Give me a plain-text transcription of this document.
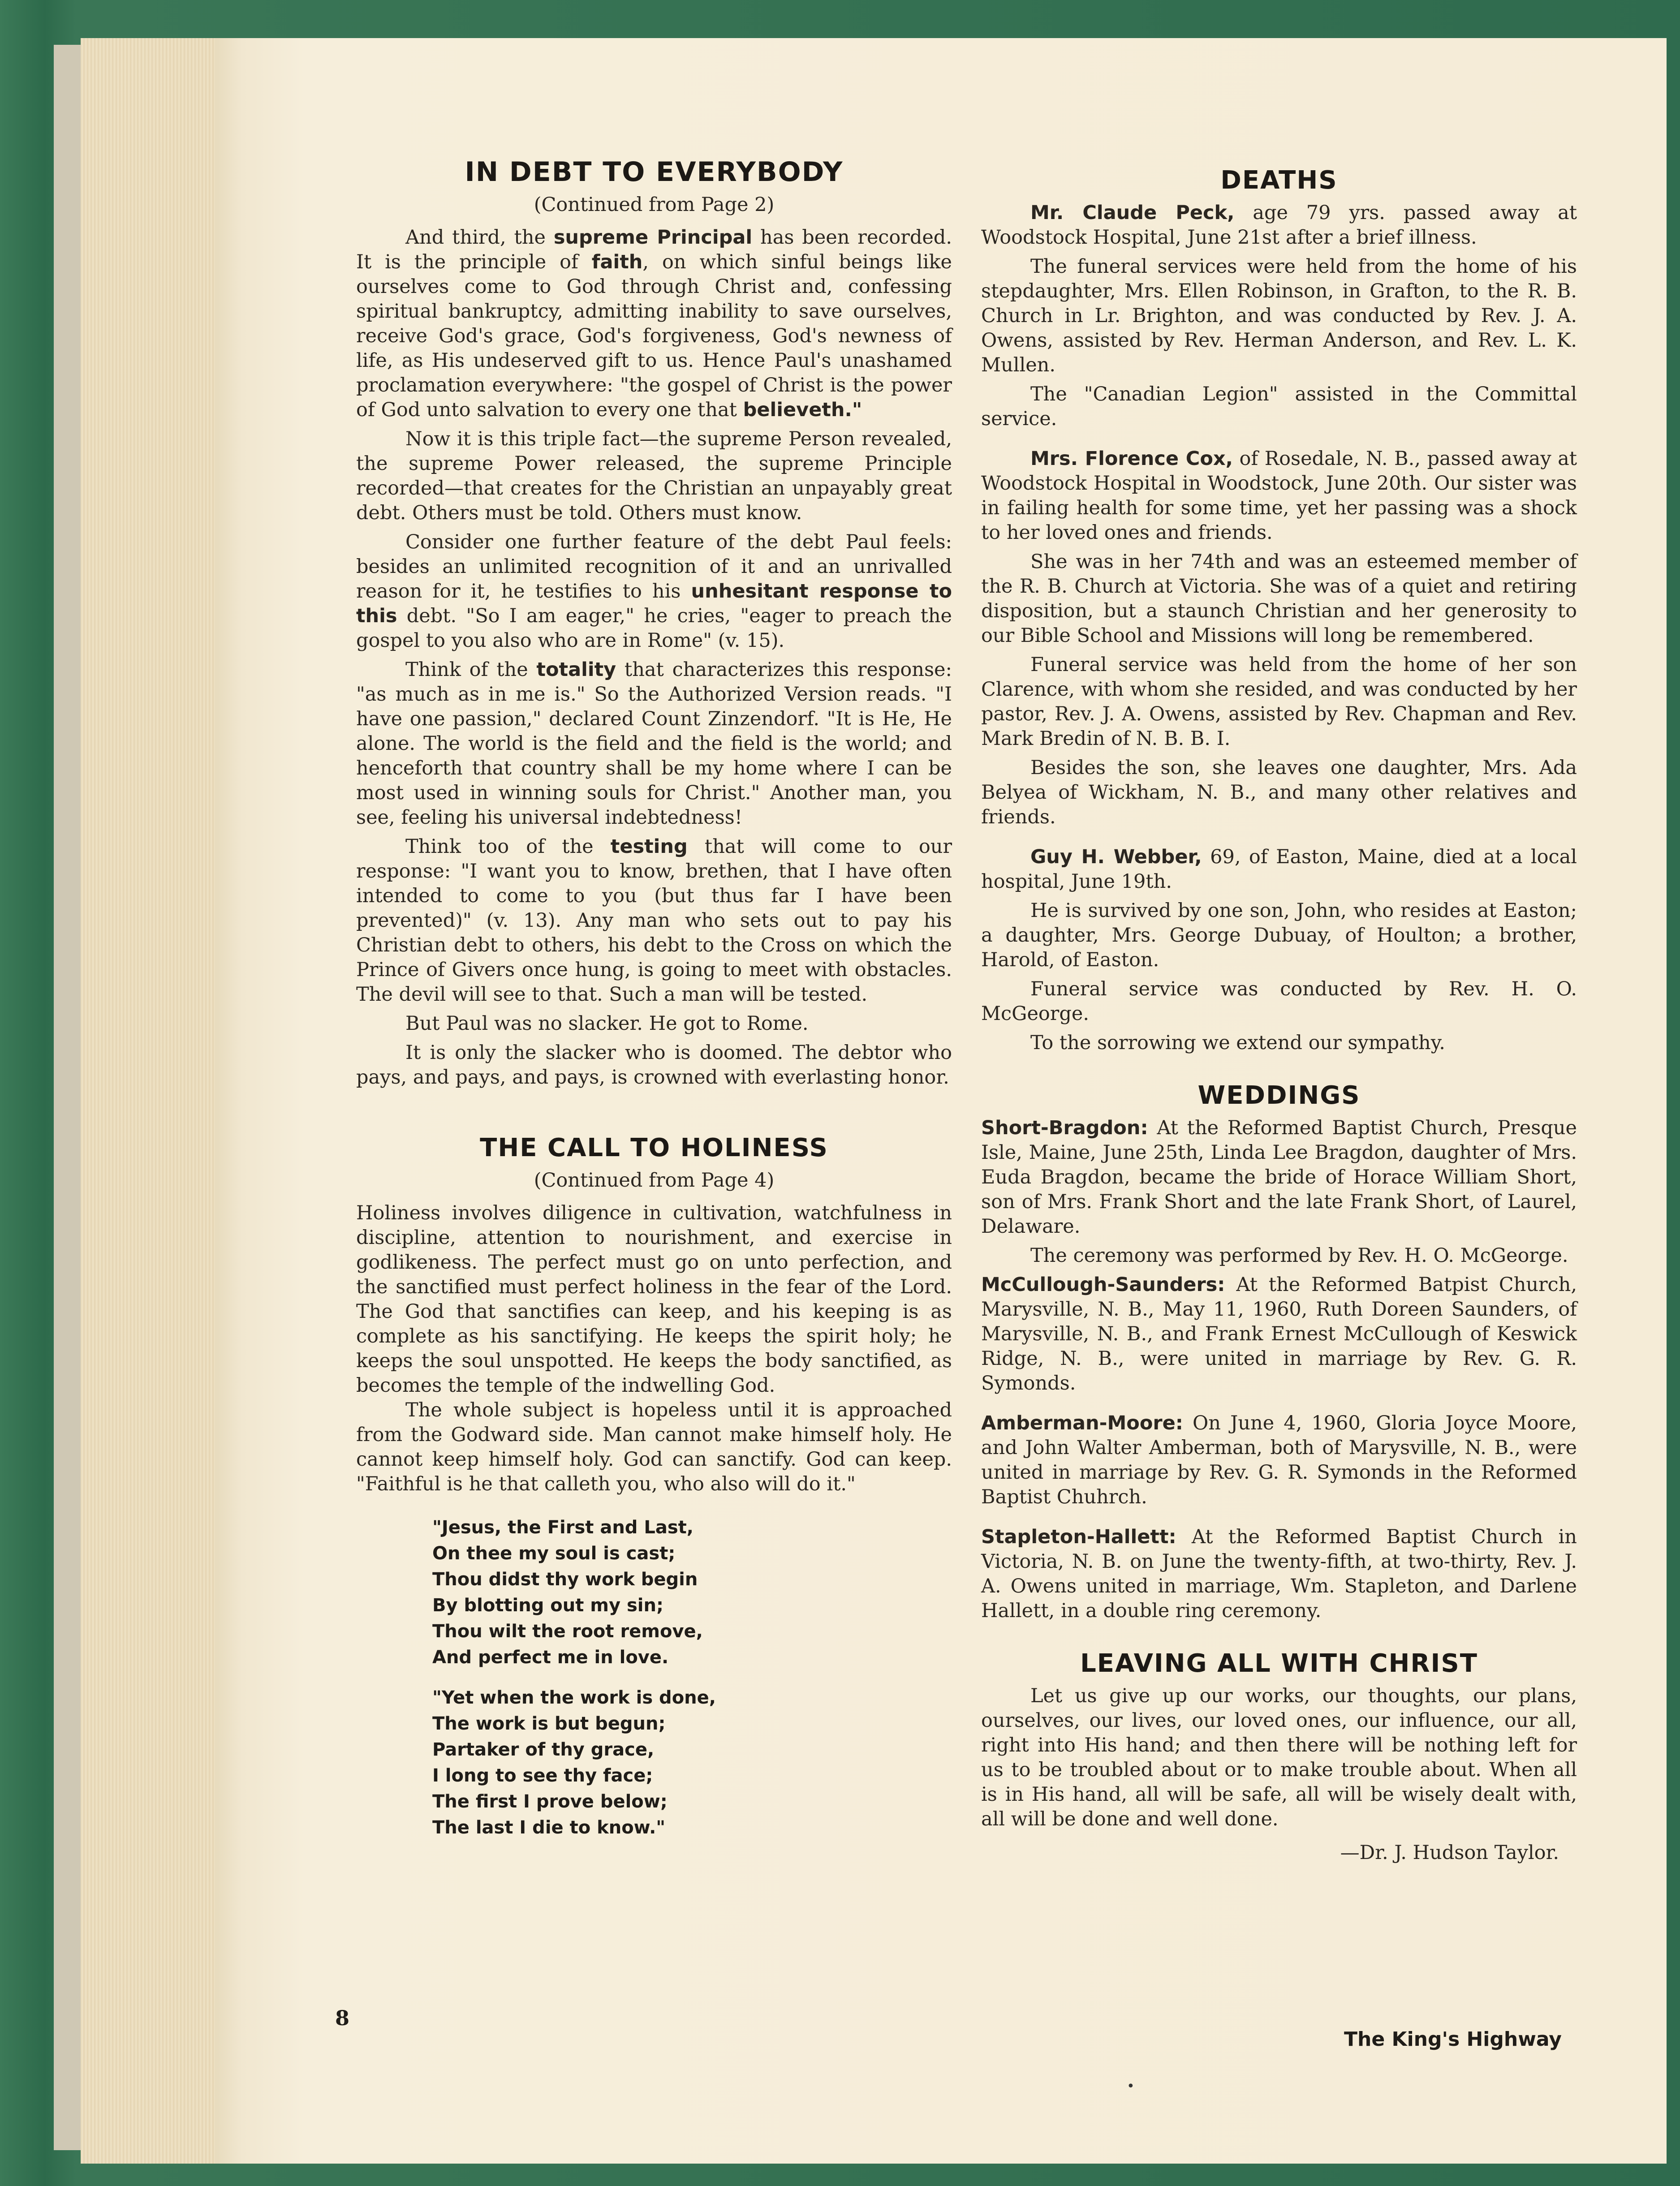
IN DEBT TO EVERYBODY
(Continued from Page 2)

And third, the supreme Principal has been recorded. It is the principle of faith, on which sinful beings like ourselves come to God through Christ and, confessing spiritual bankruptcy, admitting inability to save ourselves, receive God's grace, God's forgiveness, God's newness of life, as His undeserved gift to us. Hence Paul's unashamed proclamation everywhere: "the gospel of Christ is the power of God unto salvation to every one that believeth."

Now it is this triple fact—the supreme Person revealed, the supreme Power released, the supreme Principle recorded—that creates for the Christian an unpayably great debt. Others must be told. Others must know.

Consider one further feature of the debt Paul feels: besides an unlimited recognition of it and an unrivalled reason for it, he testifies to his unhesitant response to this debt. "So I am eager," he cries, "eager to preach the gospel to you also who are in Rome" (v. 15).

Think of the totality that characterizes this response: "as much as in me is." So the Authorized Version reads. "I have one passion," declared Count Zinzendorf. "It is He, He alone. The world is the field and the field is the world; and henceforth that country shall be my home where I can be most used in winning souls for Christ." Another man, you see, feeling his universal indebtedness!

Think too of the testing that will come to our response: "I want you to know, brethen, that I have often intended to come to you (but thus far I have been prevented)" (v. 13). Any man who sets out to pay his Christian debt to others, his debt to the Cross on which the Prince of Givers once hung, is going to meet with obstacles. The devil will see to that. Such a man will be tested.

But Paul was no slacker. He got to Rome.

It is only the slacker who is doomed. The debtor who pays, and pays, and pays, is crowned with everlasting honor.

THE CALL TO HOLINESS
(Continued from Page 4)

Holiness involves diligence in cultivation, watchfulness in discipline, attention to nourishment, and exercise in godlikeness. The perfect must go on unto perfection, and the sanctified must perfect holiness in the fear of the Lord. The God that sanctifies can keep, and his keeping is as complete as his sanctifying. He keeps the spirit holy; he keeps the soul unspotted. He keeps the body sanctified, as becomes the temple of the indwelling God.

The whole subject is hopeless until it is approached from the Godward side. Man cannot make himself holy. He cannot keep himself holy. God can sanctify. God can keep. "Faithful is he that calleth you, who also will do it."

"Jesus, the First and Last,
On thee my soul is cast;
Thou didst thy work begin
By blotting out my sin;
Thou wilt the root remove,
And perfect me in love.
"Yet when the work is done,
The work is but begun;
Partaker of thy grace,
I long to see thy face;
The first I prove below;
The last I die to know."
DEATHS

Mr. Claude Peck, age 79 yrs. passed away at Woodstock Hospital, June 21st after a brief illness.

The funeral services were held from the home of his stepdaughter, Mrs. Ellen Robinson, in Grafton, to the R. B. Church in Lr. Brighton, and was conducted by Rev. J. A. Owens, assisted by Rev. Herman Anderson, and Rev. L. K. Mullen.

The "Canadian Legion" assisted in the Committal service.

Mrs. Florence Cox, of Rosedale, N. B., passed away at Woodstock Hospital in Woodstock, June 20th. Our sister was in failing health for some time, yet her passing was a shock to her loved ones and friends.

She was in her 74th and was an esteemed member of the R. B. Church at Victoria. She was of a quiet and retiring disposition, but a staunch Christian and her generosity to our Bible School and Missions will long be remembered.

Funeral service was held from the home of her son Clarence, with whom she resided, and was conducted by her pastor, Rev. J. A. Owens, assisted by Rev. Chapman and Rev. Mark Bredin of N. B. B. I.

Besides the son, she leaves one daughter, Mrs. Ada Belyea of Wickham, N. B., and many other relatives and friends.

Guy H. Webber, 69, of Easton, Maine, died at a local hospital, June 19th.

He is survived by one son, John, who resides at Easton; a daughter, Mrs. George Dubuay, of Houlton; a brother, Harold, of Easton.

Funeral service was conducted by Rev. H. O. McGeorge.

To the sorrowing we extend our sympathy.

WEDDINGS

Short-Bragdon: At the Reformed Baptist Church, Presque Isle, Maine, June 25th, Linda Lee Bragdon, daughter of Mrs. Euda Bragdon, became the bride of Horace William Short, son of Mrs. Frank Short and the late Frank Short, of Laurel, Delaware.

The ceremony was performed by Rev. H. O. McGeorge.

McCullough-Saunders: At the Reformed Batpist Church, Marysville, N. B., May 11, 1960, Ruth Doreen Saunders, of Marysville, N. B., and Frank Ernest McCullough of Keswick Ridge, N. B., were united in marriage by Rev. G. R. Symonds.

Amberman-Moore: On June 4, 1960, Gloria Joyce Moore, and John Walter Amberman, both of Marysville, N. B., were united in marriage by Rev. G. R. Symonds in the Reformed Baptist Chuhrch.

Stapleton-Hallett: At the Reformed Baptist Church in Victoria, N. B. on June the twenty-fifth, at two-thirty, Rev. J. A. Owens united in marriage, Wm. Stapleton, and Darlene Hallett, in a double ring ceremony.

LEAVING ALL WITH CHRIST

Let us give up our works, our thoughts, our plans, ourselves, our lives, our loved ones, our influence, our all, right into His hand; and then there will be nothing left for us to be troubled about or to make trouble about. When all is in His hand, all will be safe, all will be wisely dealt with, all will be done and well done.

—Dr. J. Hudson Taylor.
8
The King's Highway
•
